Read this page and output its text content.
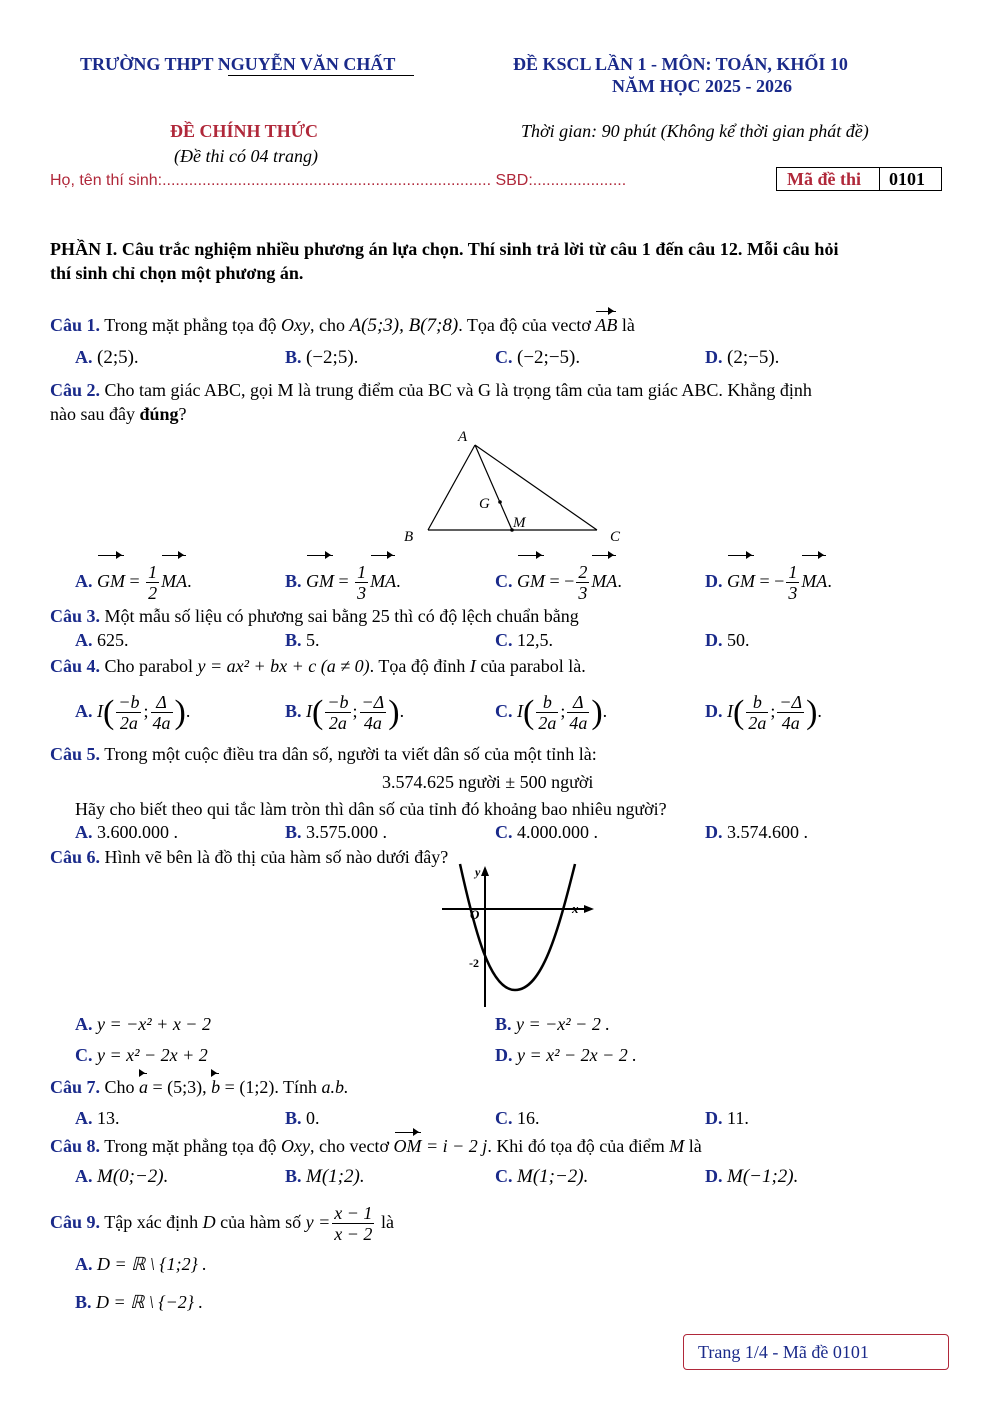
TRƯỜNG THPT NGUYỄN VĂN CHẤT	ĐỀ KSCL LẦN 1 - MÔN: TOÁN, KHỐI 10
NĂM HỌC 2025 - 2026
ĐỀ CHÍNH THỨC
(Đề thi có 04 trang)
Thời gian: 90 phút (Không kể thời gian phát đề)
Họ, tên thí sinh:.......................................................................... SBD:.....................	Mã đề thi 0101
PHẦN I. Câu trắc nghiệm nhiều phương án lựa chọn. Thí sinh trả lời từ câu 1 đến câu 12. Mỗi câu hỏi
thí sinh chỉ chọn một phương án.
Câu 1. Trong mặt phẳng tọa độ Oxy, cho A(5;3), B(7;8). Tọa độ của vectơ AB là
A. (2;5).	B. (−2;5).	C. (−2;−5).	D. (2;−5).
Câu 2. Cho tam giác ABC, gọi M là trung điểm của BC và G là trọng tâm của tam giác ABC. Khẳng định
nào sau đây đúng?
A
B	C
G
M
A. GM = $\frac{1}{2}$ MA.	B. GM = $\frac{1}{3}$ MA.	C. GM = − $\frac{2}{3}$ MA.	D. GM = − $\frac{1}{3}$ MA.
Câu 3. Một mẫu số liệu có phương sai bằng 25 thì có độ lệch chuẩn bằng
A. 625.	B. 5.	C. 12,5.	D. 50.
Câu 4. Cho parabol y = ax² + bx + c (a ≠ 0). Tọa độ đỉnh I của parabol là.
A. $I( \frac{-b}{2a}$ ; $\frac{\Delta}{4a}$ ).	B. $I( \frac{-b}{2a}$ ; $\frac{-\Delta}{4a}$ ).	C. $I( \frac{b}{2a}$ ; $\frac{\Delta}{4a}$ ).	D. $I( \frac{b}{2a}$ ; $\frac{-\Delta}{4a}$ ).
Câu 5. Trong một cuộc điều tra dân số, người ta viết dân số của một tỉnh là:
3.574.625 người ± 500 người
Hãy cho biết theo qui tắc làm tròn thì dân số của tỉnh đó khoảng bao nhiêu người?
A. 3.600.000 .	B. 3.575.000 .	C. 4.000.000 .	D. 3.574.600 .
Câu 6. Hình vẽ bên là đồ thị của hàm số nào dưới đây?
y
x
O
-2
A. y = −x² + x − 2	B. y = −x² − 2 .
C. y = x² − 2x + 2	D. y = x² − 2x − 2 .
Câu 7. Cho a = (5;3), b = (1;2). Tính a.b.
A. 13.	B. 0.	C. 16.	D. 11.
Câu 8. Trong mặt phẳng tọa độ Oxy, cho vectơ OM = i − 2 j. Khi đó tọa độ của điểm M là
A. M(0;−2).	B. M(1;2).	C. M(1;−2).	D. M(−1;2).
Câu 9. Tập xác định D của hàm số $y = \frac{x - 1}{x - 2}$ là
A. D = ℝ \ {1;2} .
B. D = ℝ \ {−2} .
Trang 1/4 - Mã đề 0101
